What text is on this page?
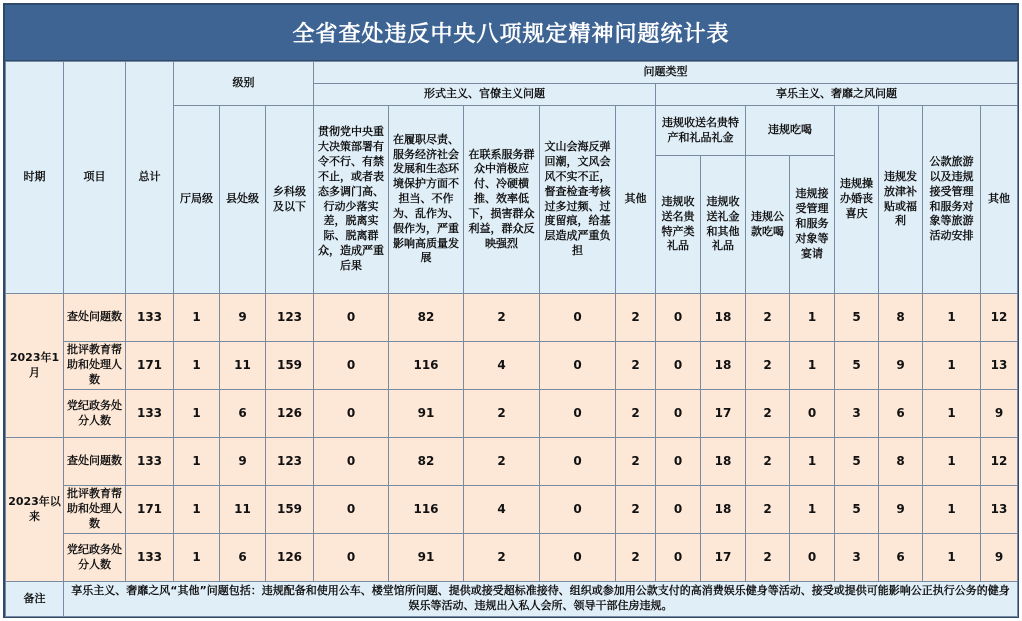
全省查处违反中央八项规定精神问题统计表
时期	项目	总计	级别			问题类型												
						形式主义、官僚主义问题					享乐主义、奢靡之风问题							
			厅局级	县处级	乡科级及以下	贯彻党中央重大决策部署有令不行、有禁不止，或者表态多调门高、行动少落实差，脱离实际、脱离群众，造成严重后果	在履职尽责、服务经济社会发展和生态环境保护方面不担当、不作为、乱作为、假作为，严重影响高质量发展	在联系服务群众中消极应付、冷硬横推、效率低下，损害群众利益，群众反映强烈	文山会海反弹回潮，文风会风不实不正，督查检查考核过多过频、过度留痕，给基层造成严重负担	其他	违规收送名贵特产和礼品礼金		违规吃喝		违规操办婚丧喜庆	违规发放津补贴或福利	公款旅游以及违规接受管理和服务对象等旅游活动安排	其他
											违规收送名贵特产类礼品	违规收送礼金和其他礼品	违规公款吃喝	违规接受管理和服务对象等宴请				
2023年1月	查处问题数	133	1	9	123	0	82	2	0	2	0	18	2	1	5	8	1	12
	批评教育帮助和处理人数	171	1	11	159	0	116	4	0	2	0	18	2	1	5	9	1	13
	党纪政务处分人数	133	1	6	126	0	91	2	0	2	0	17	2	0	3	6	1	9
2023年以来	查处问题数	133	1	9	123	0	82	2	0	2	0	18	2	1	5	8	1	12
	批评教育帮助和处理人数	171	1	11	159	0	116	4	0	2	0	18	2	1	5	9	1	13
	党纪政务处分人数	133	1	6	126	0	91	2	0	2	0	17	2	0	3	6	1	9
备注	享乐主义、奢靡之风“其他”问题包括：违规配备和使用公车、楼堂馆所问题、提供或接受超标准接待、组织或参加用公款支付的高消费娱乐健身等活动、接受或提供可能影响公正执行公务的健身娱乐等活动、违规出入私人会所、领导干部住房违规。																	
